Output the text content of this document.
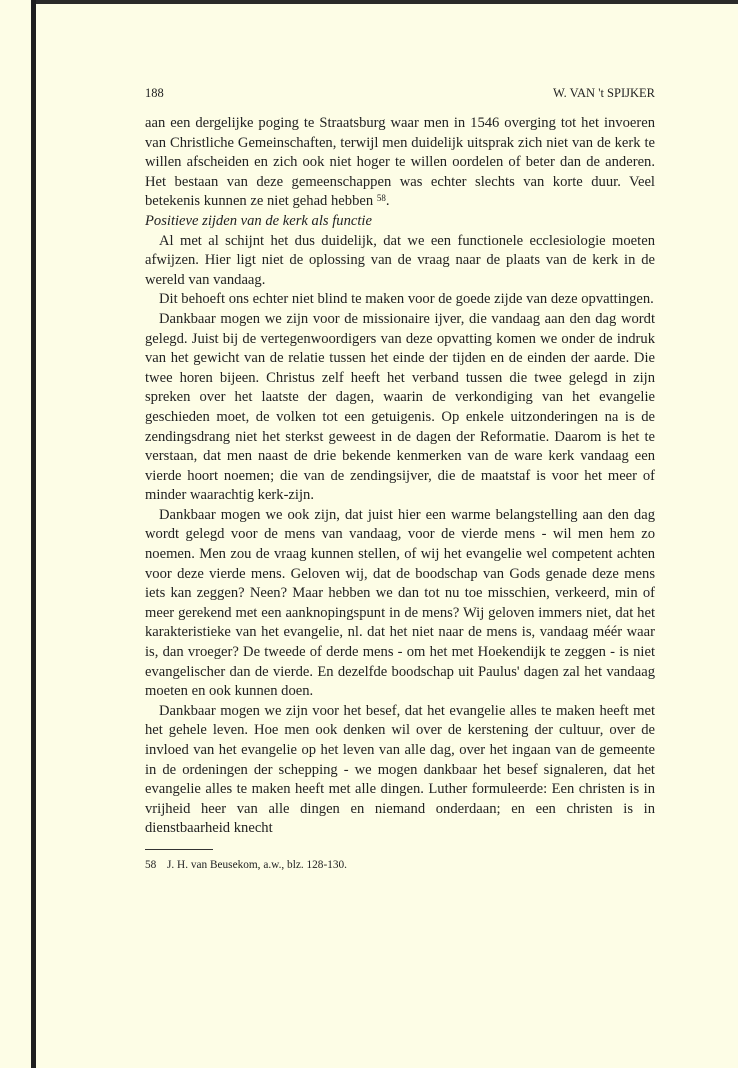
188	W. VAN 't SPIJKER

aan een dergelijke poging te Straatsburg waar men in 1546 overging tot het invoeren van Christliche Gemeinschaften, terwijl men duidelijk uitsprak zich niet van de kerk te willen afscheiden en zich ook niet hoger te willen oordelen of beter dan de anderen. Het bestaan van deze gemeenschappen was echter slechts van korte duur. Veel betekenis kunnen ze niet gehad hebben $^{58}$.

Positieve zijden van de kerk als functie

Al met al schijnt het dus duidelijk, dat we een functionele ecclesiologie moeten afwijzen. Hier ligt niet de oplossing van de vraag naar de plaats van de kerk in de wereld van vandaag.

Dit behoeft ons echter niet blind te maken voor de goede zijde van deze opvattingen.

Dankbaar mogen we zijn voor de missionaire ijver, die vandaag aan den dag wordt gelegd. Juist bij de vertegenwoordigers van deze opvatting komen we onder de indruk van het gewicht van de relatie tussen het einde der tijden en de einden der aarde. Die twee horen bijeen. Christus zelf heeft het verband tussen die twee gelegd in zijn spreken over het laatste der dagen, waarin de verkondiging van het evangelie geschieden moet, de volken tot een getuigenis. Op enkele uitzonderingen na is de zendingsdrang niet het sterkst geweest in de dagen der Reformatie. Daarom is het te verstaan, dat men naast de drie bekende kenmerken van de ware kerk vandaag een vierde hoort noemen; die van de zendingsijver, die de maatstaf is voor het meer of minder waarachtig kerk-zijn.

Dankbaar mogen we ook zijn, dat juist hier een warme belangstelling aan den dag wordt gelegd voor de mens van vandaag, voor de vierde mens - wil men hem zo noemen. Men zou de vraag kunnen stellen, of wij het evangelie wel competent achten voor deze vierde mens. Geloven wij, dat de boodschap van Gods genade deze mens iets kan zeggen? Neen? Maar hebben we dan tot nu toe misschien, verkeerd, min of meer gerekend met een aanknopingspunt in de mens? Wij geloven immers niet, dat het karakteristieke van het evangelie, nl. dat het niet naar de mens is, vandaag méér waar is, dan vroeger? De tweede of derde mens - om het met Hoekendijk te zeggen - is niet evangelischer dan de vierde. En dezelfde boodschap uit Paulus' dagen zal het vandaag moeten en ook kunnen doen.

Dankbaar mogen we zijn voor het besef, dat het evangelie alles te maken heeft met het gehele leven. Hoe men ook denken wil over de kerstening der cultuur, over de invloed van het evangelie op het leven van alle dag, over het ingaan van de gemeente in de ordeningen der schepping - we mogen dankbaar het besef signaleren, dat het evangelie alles te maken heeft met alle dingen. Luther formuleerde: Een christen is in vrijheid heer van alle dingen en niemand onderdaan; en een christen is in dienstbaarheid knecht

58 J. H. van Beusekom, a.w., blz. 128-130.
